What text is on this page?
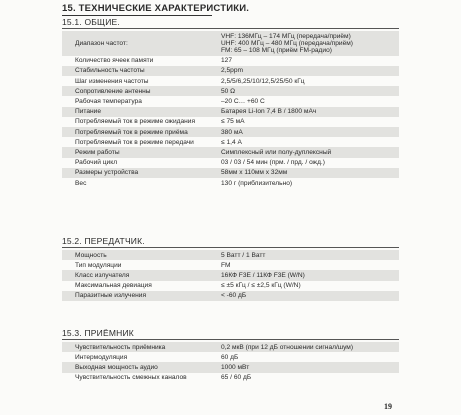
15. ТЕХНИЧЕСКИЕ ХАРАКТЕРИСТИКИ.
15.1. ОБЩИЕ.
Диапазон частот:	VHF: 136МГц – 174 МГц (передача/приём)
UHF: 400 МГц – 480 МГц (передача/приём)
FM: 65 – 108 МГц (приём FM-радио)

Количество ячеек памяти	127
Стабильность частоты	2,5ppm
Шаг изменения частоты	2,5/5/6,25/10/12,5/25/50 кГц
Сопротивление антенны	50 Ω
Рабочая температура	–20 С… +60 С
Питание	Батарея Li-Ion 7,4 В / 1800 мАч
Потребляемый ток в режиме ожидания	≤ 75 мА
Потребляемый ток в режиме приёма	380 мА
Потребляемый ток в режиме передачи	≤ 1,4 А
Режим работы	Симплексный или полу-дуплексный
Рабочий цикл	03 / 03 / 54 мин (прм. / прд. / ожд.)
Размеры устройства	58мм x 110мм x 32мм
Вес	130 г (приблизительно)
15.2. ПЕРЕДАТЧИК.
Мощность	5 Ватт / 1 Ватт
Тип модуляции	FM
Класс излучателя	16КФ F3E / 11КФ F3E (W/N)
Максимальная девиация	≤ ±5 кГц / ≤ ±2,5 кГц (W/N)
Паразитные излучения	< -60 дБ
15.3. ПРИЁМНИК
Чувствительность приёмника	0,2 мкВ (при 12 дБ отношении сигнал/шум)
Интермодуляция	60 дБ
Выходная мощность аудио	1000 мВт
Чувствительность смежных каналов	65 / 60 дБ
19
